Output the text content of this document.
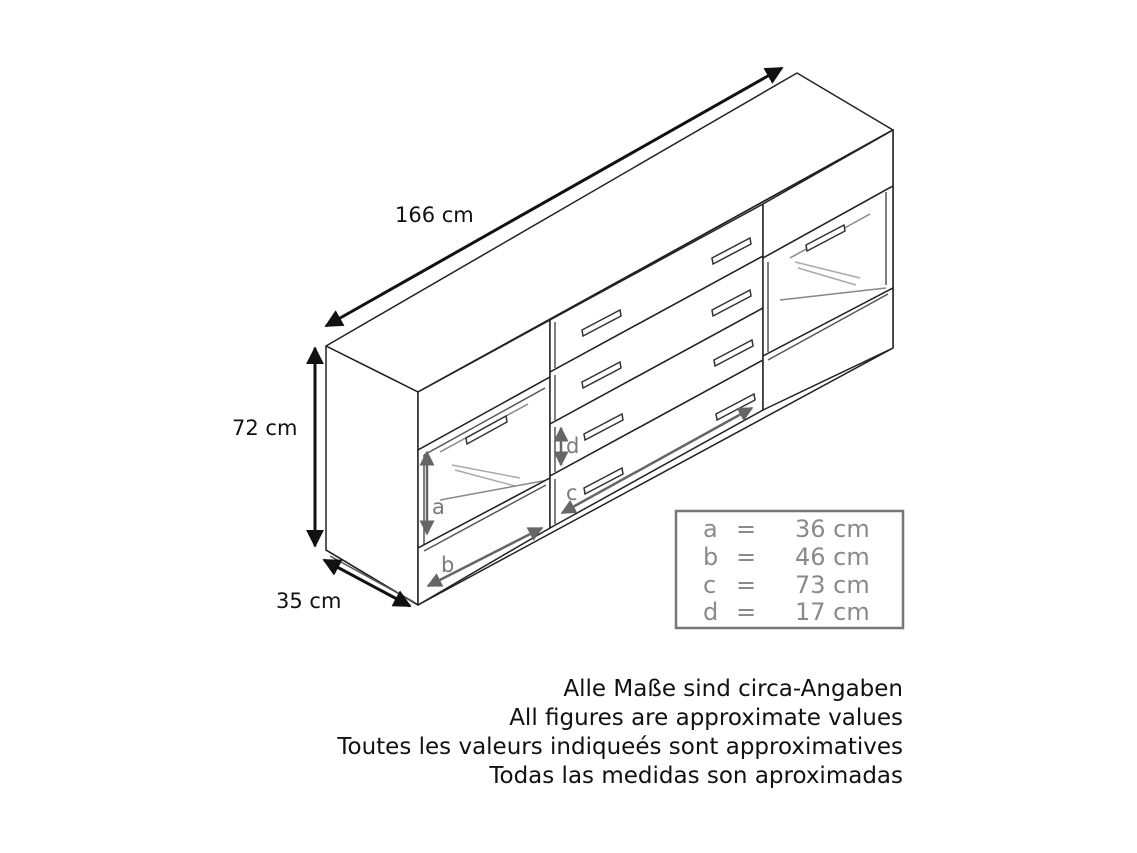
166 cm
72 cm
35 cm
a
b
c
d
a = 36 cm
b = 46 cm
c = 73 cm
d = 17 cm
Alle Maße sind circa-Angaben
All figures are approximate values
Toutes les valeurs indiqueés sont approximatives
Todas las medidas son aproximadas
